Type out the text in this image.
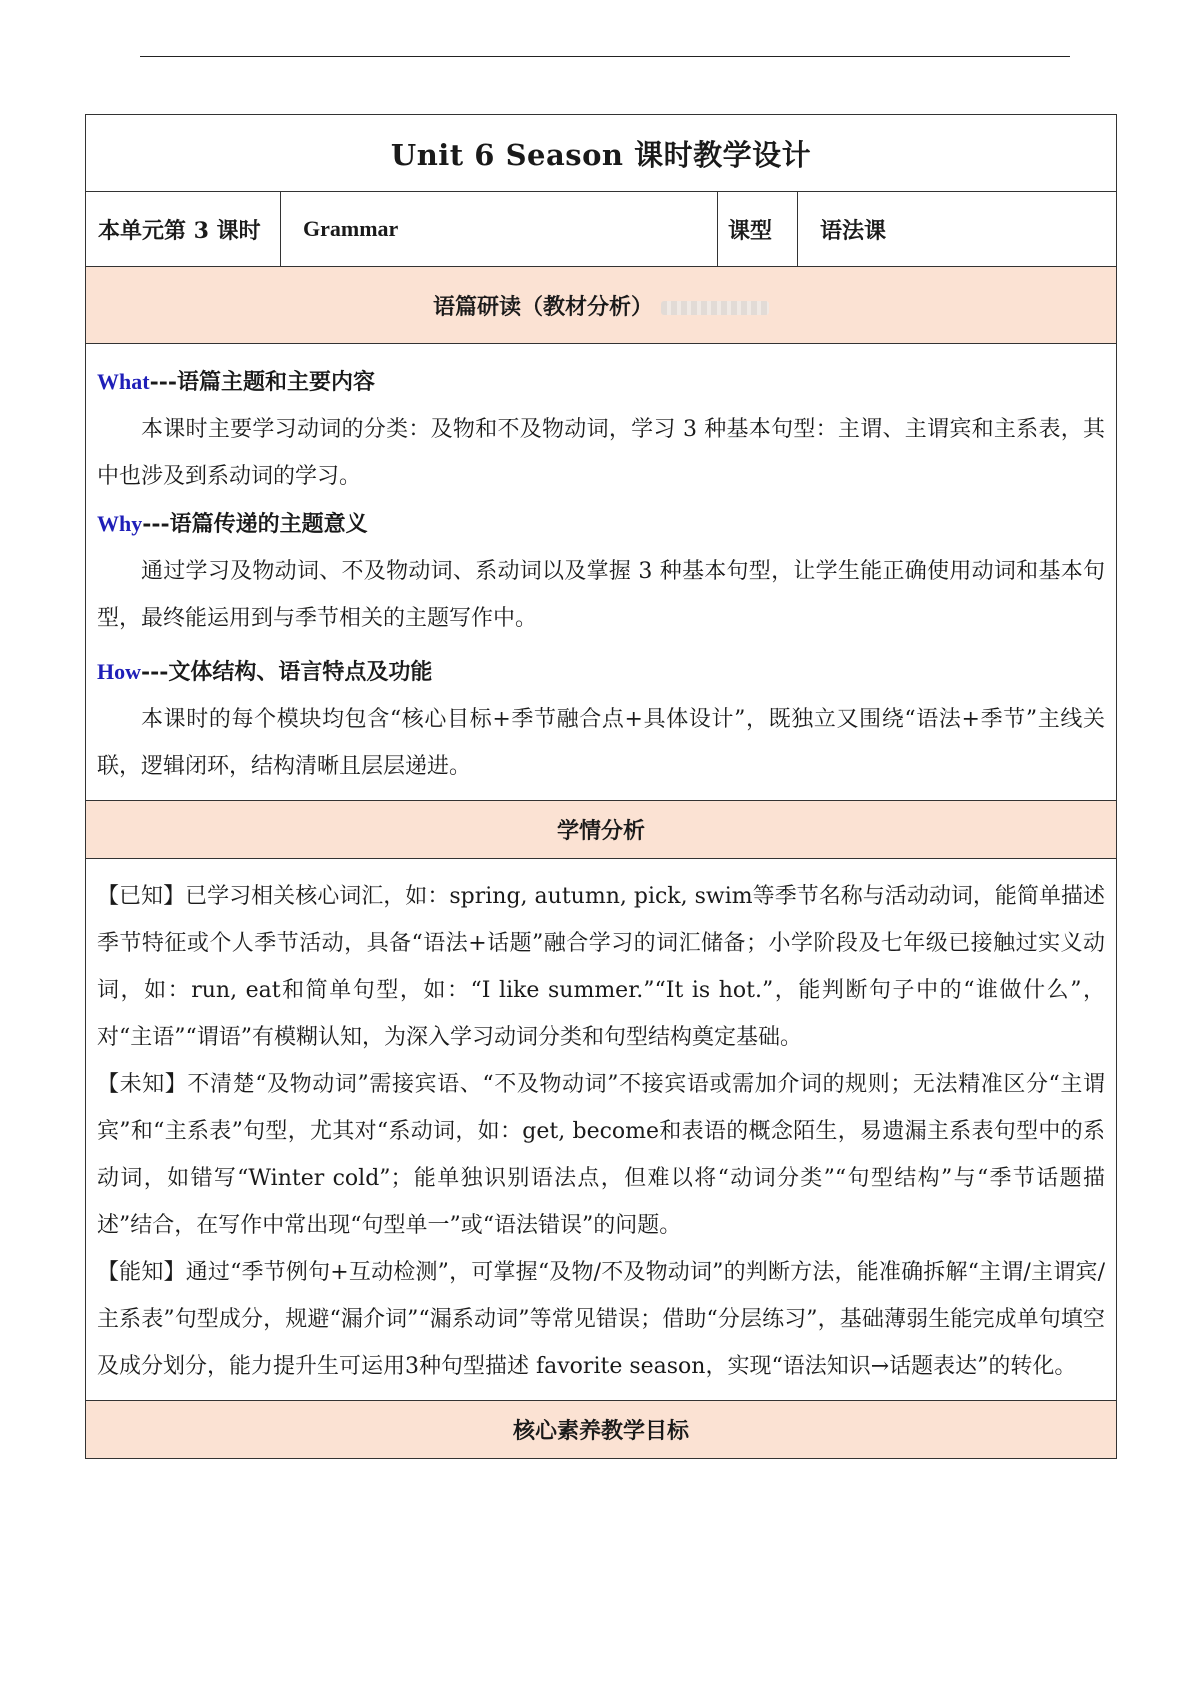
Unit 6 Season 课时教学设计
本单元第 3 课时	Grammar	课型	语法课
语篇研读（教材分析）

What---语篇主题和主要内容
本课时主要学习动词的分类：及物和不及物动词，学习 3 种基本句型：主谓、主谓宾和主系表，其中也涉及到系动词的学习。
Why---语篇传递的主题意义
通过学习及物动词、不及物动词、系动词以及掌握 3 种基本句型，让学生能正确使用动词和基本句型，最终能运用到与季节相关的主题写作中。
How---文体结构、语言特点及功能
本课时的每个模块均包含“核心目标+季节融合点+具体设计”，既独立又围绕“语法+季节”主线关联，逻辑闭环，结构清晰且层层递进。

学情分析

【已知】已学习相关核心词汇，如：spring, autumn, pick, swim等季节名称与活动动词，能简单描述季节特征或个人季节活动，具备“语法+话题”融合学习的词汇储备；小学阶段及七年级已接触过实义动词，如：run, eat和简单句型，如：“I like summer.”“It is hot.”，能判断句子中的“谁做什么”，对“主语”“谓语”有模糊认知，为深入学习动词分类和句型结构奠定基础。
【未知】不清楚“及物动词”需接宾语、“不及物动词”不接宾语或需加介词的规则；无法精准区分“主谓宾”和“主系表”句型，尤其对“系动词，如：get, become和表语的概念陌生，易遗漏主系表句型中的系动词，如错写“Winter cold”；能单独识别语法点，但难以将“动词分类”“句型结构”与“季节话题描述”结合，在写作中常出现“句型单一”或“语法错误”的问题。
【能知】通过“季节例句+互动检测”，可掌握“及物/不及物动词”的判断方法，能准确拆解“主谓/主谓宾/主系表”句型成分，规避“漏介词”“漏系动词”等常见错误；借助“分层练习”，基础薄弱生能完成单句填空及成分划分，能力提升生可运用3种句型描述 favorite season，实现“语法知识→话题表达”的转化。

核心素养教学目标
